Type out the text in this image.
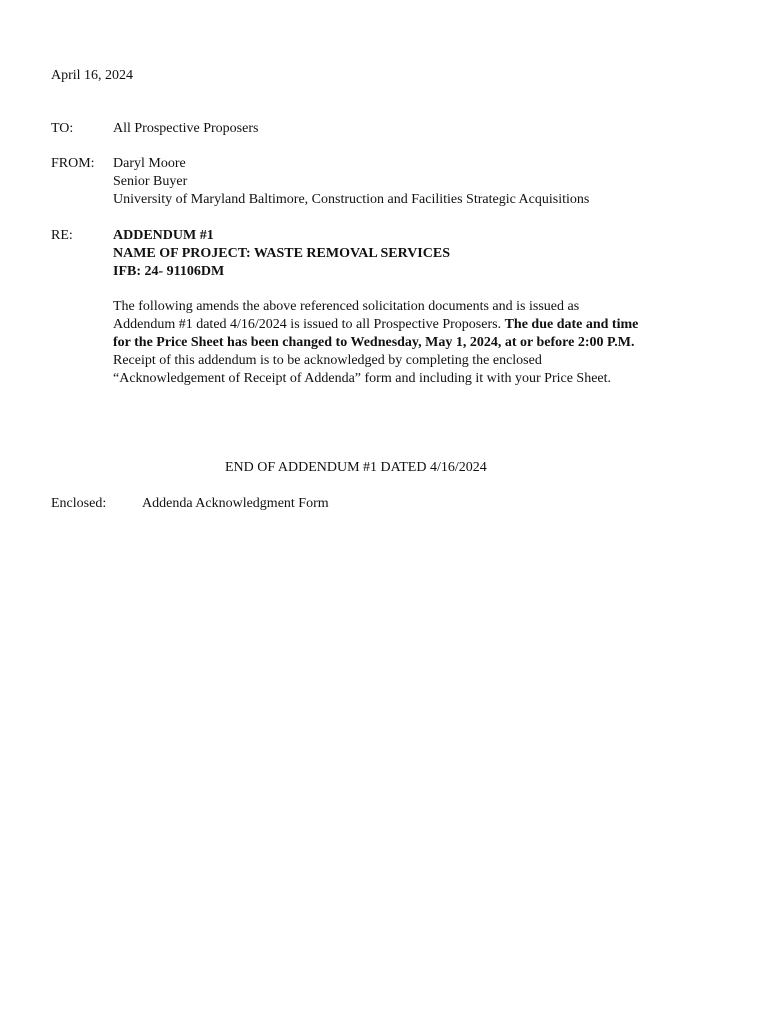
April 16, 2024
TO:	All Prospective Proposers
FROM: Daryl Moore
Senior Buyer
University of Maryland Baltimore, Construction and Facilities Strategic Acquisitions
RE:	ADDENDUM #1
NAME OF PROJECT: WASTE REMOVAL SERVICES
IFB: 24- 91106DM
The following amends the above referenced solicitation documents and is issued as
Addendum #1 dated 4/16/2024 is issued to all Prospective Proposers. The due date and time
for the Price Sheet has been changed to Wednesday, May 1, 2024, at or before 2:00 P.M.
Receipt of this addendum is to be acknowledged by completing the enclosed
“Acknowledgement of Receipt of Addenda” form and including it with your Price Sheet.
END OF ADDENDUM #1 DATED 4/16/2024
Enclosed:	Addenda Acknowledgment Form
